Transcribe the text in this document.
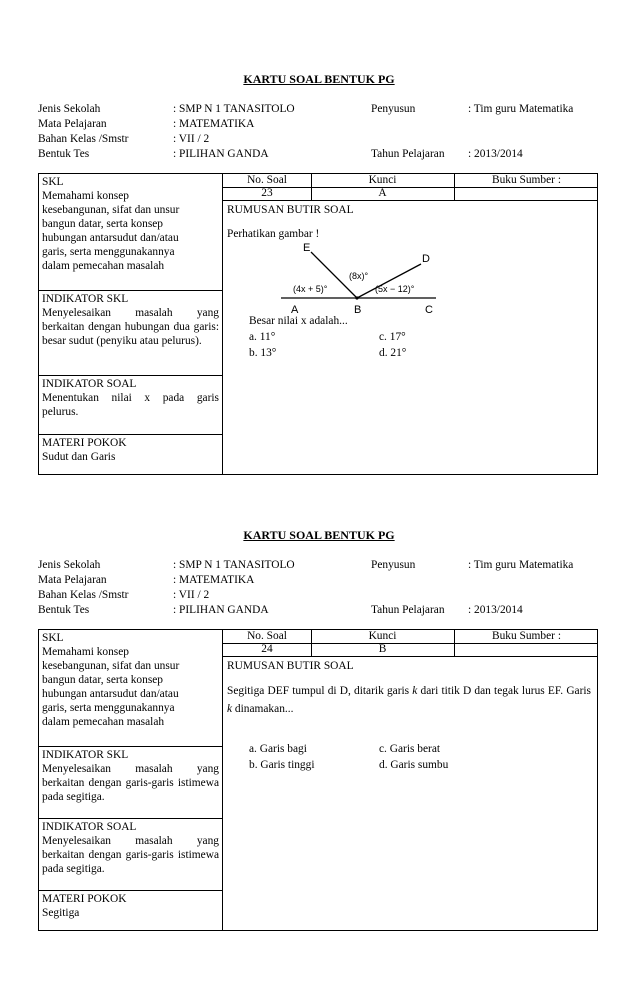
KARTU SOAL BENTUK PG
Jenis Sekolah	: SMP N 1 TANASITOLO	Penyusun	: Tim guru Matematika
Mata Pelajaran	: MATEMATIKA
Bahan Kelas /Smstr	: VII / 2
Bentuk Tes	: PILIHAN GANDA	Tahun Pelajaran : 2013/2014
SKL
Memahami konsep kesebangunan, sifat dan unsur bangun datar, serta konsep hubungan antarsudut dan/atau garis, serta menggunakannya dalam pemecahan masalah
INDIKATOR SKL
Menyelesaikan masalah yang berkaitan dengan hubungan dua garis: besar sudut (penyiku atau pelurus).
INDIKATOR SOAL
Menentukan nilai x pada garis pelurus.
MATERI POKOK
Sudut dan Garis
No. Soal	Kunci	Buku Sumber :
23	A
RUMUSAN BUTIR SOAL
Perhatikan gambar !
E
D
A	B	C
(4x + 5)°
(8x)°
(5x − 12)°
Besar nilai x adalah...
a. 11°	c. 17°
b. 13°	d. 21°
KARTU SOAL BENTUK PG
Jenis Sekolah	: SMP N 1 TANASITOLO	Penyusun	: Tim guru Matematika
Mata Pelajaran	: MATEMATIKA
Bahan Kelas /Smstr	: VII / 2
Bentuk Tes	: PILIHAN GANDA	Tahun Pelajaran : 2013/2014
SKL
Memahami konsep kesebangunan, sifat dan unsur bangun datar, serta konsep hubungan antarsudut dan/atau garis, serta menggunakannya dalam pemecahan masalah
INDIKATOR SKL
Menyelesaikan masalah yang berkaitan dengan garis-garis istimewa pada segitiga.
INDIKATOR SOAL
Menyelesaikan masalah yang berkaitan dengan garis-garis istimewa pada segitiga.
MATERI POKOK
Segitiga
No. Soal	Kunci	Buku Sumber :
24	B
RUMUSAN BUTIR SOAL
Segitiga DEF tumpul di D, ditarik garis k dari titik D dan tegak lurus EF. Garis k dinamakan...
a. Garis bagi	c. Garis berat
b. Garis tinggi	d. Garis sumbu
